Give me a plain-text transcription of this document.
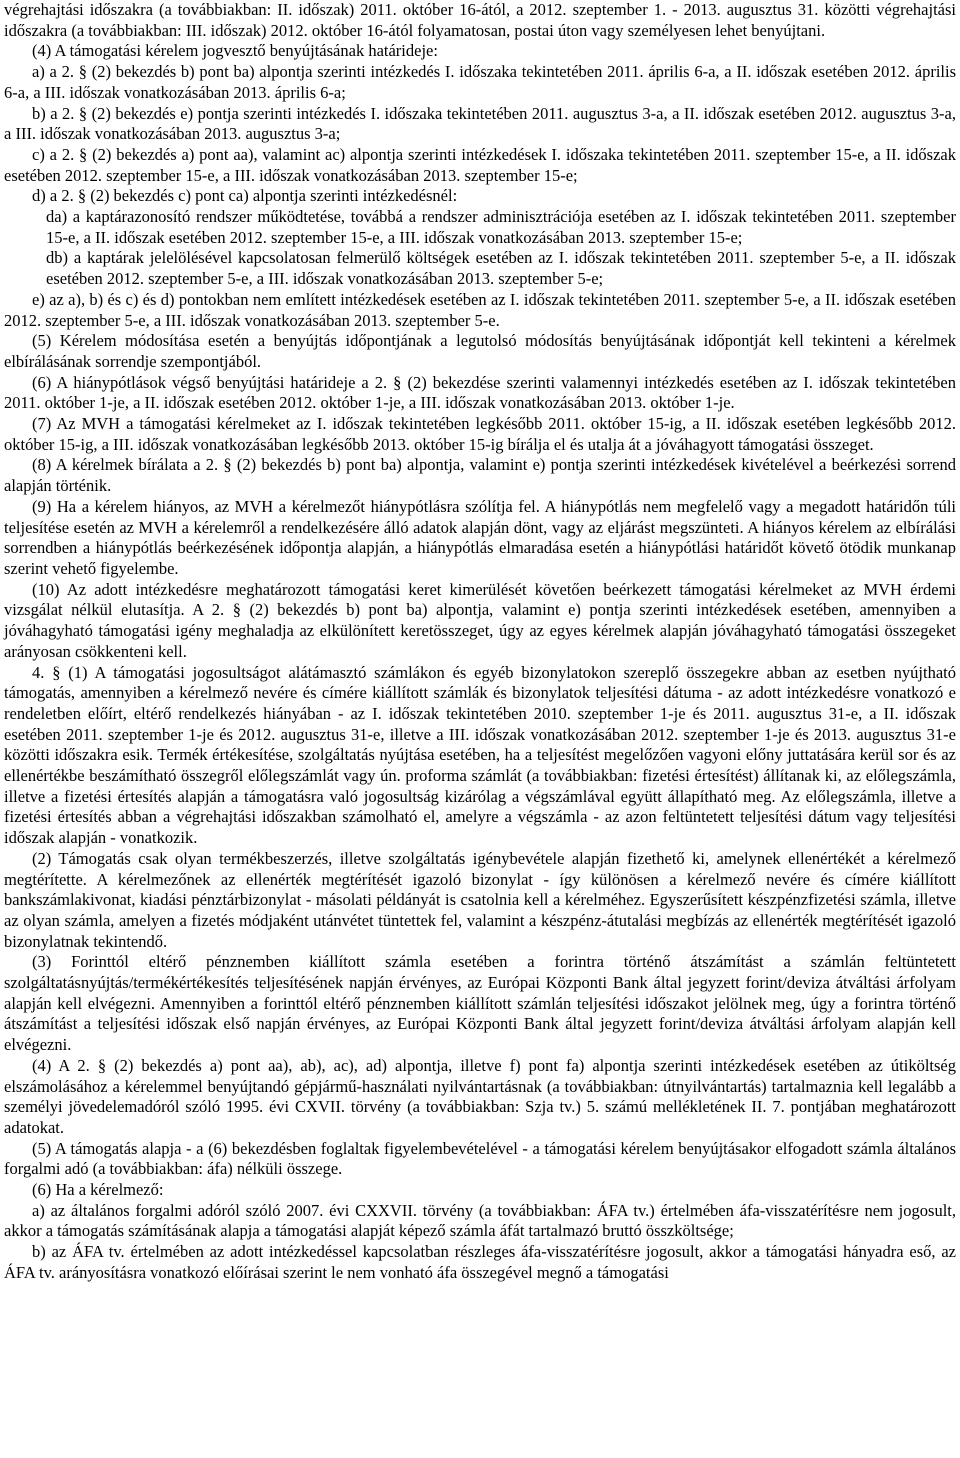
végrehajtási időszakra (a továbbiakban: II. időszak) 2011. október 16-ától, a 2012. szeptember 1. - 2013. augusztus 31. közötti végrehajtási időszakra (a továbbiakban: III. időszak) 2012. október 16-ától folyamatosan, postai úton vagy személyesen lehet benyújtani.

(4) A támogatási kérelem jogvesztő benyújtásának határideje:

a) a 2. § (2) bekezdés b) pont ba) alpontja szerinti intézkedés I. időszaka tekintetében 2011. április 6-a, a II. időszak esetében 2012. április 6-a, a III. időszak vonatkozásában 2013. április 6-a;

b) a 2. § (2) bekezdés e) pontja szerinti intézkedés I. időszaka tekintetében 2011. augusztus 3-a, a II. időszak esetében 2012. augusztus 3-a, a III. időszak vonatkozásában 2013. augusztus 3-a;

c) a 2. § (2) bekezdés a) pont aa), valamint ac) alpontja szerinti intézkedések I. időszaka tekintetében 2011. szeptember 15-e, a II. időszak esetében 2012. szeptember 15-e, a III. időszak vonatkozásában 2013. szeptember 15-e;

d) a 2. § (2) bekezdés c) pont ca) alpontja szerinti intézkedésnél:

da) a kaptárazonosító rendszer működtetése, továbbá a rendszer adminisztrációja esetében az I. időszak tekintetében 2011. szeptember 15-e, a II. időszak esetében 2012. szeptember 15-e, a III. időszak vonatkozásában 2013. szeptember 15-e;

db) a kaptárak jelelölésével kapcsolatosan felmerülő költségek esetében az I. időszak tekintetében 2011. szeptember 5-e, a II. időszak esetében 2012. szeptember 5-e, a III. időszak vonatkozásában 2013. szeptember 5-e;

e) az a), b) és c) és d) pontokban nem említett intézkedések esetében az I. időszak tekintetében 2011. szeptember 5-e, a II. időszak esetében 2012. szeptember 5-e, a III. időszak vonatkozásában 2013. szeptember 5-e.

(5) Kérelem módosítása esetén a benyújtás időpontjának a legutolsó módosítás benyújtásának időpontját kell tekinteni a kérelmek elbírálásának sorrendje szempontjából.

(6) A hiánypótlások végső benyújtási határideje a 2. § (2) bekezdése szerinti valamennyi intézkedés esetében az I. időszak tekintetében 2011. október 1-je, a II. időszak esetében 2012. október 1-je, a III. időszak vonatkozásában 2013. október 1-je.

(7) Az MVH a támogatási kérelmeket az I. időszak tekintetében legkésőbb 2011. október 15-ig, a II. időszak esetében legkésőbb 2012. október 15-ig, a III. időszak vonatkozásában legkésőbb 2013. október 15-ig bírálja el és utalja át a jóváhagyott támogatási összeget.

(8) A kérelmek bírálata a 2. § (2) bekezdés b) pont ba) alpontja, valamint e) pontja szerinti intézkedések kivételével a beérkezési sorrend alapján történik.

(9) Ha a kérelem hiányos, az MVH a kérelmezőt hiánypótlásra szólítja fel. A hiánypótlás nem megfelelő vagy a megadott határidőn túli teljesítése esetén az MVH a kérelemről a rendelkezésére álló adatok alapján dönt, vagy az eljárást megszünteti. A hiányos kérelem az elbírálási sorrendben a hiánypótlás beérkezésének időpontja alapján, a hiánypótlás elmaradása esetén a hiánypótlási határidőt követő ötödik munkanap szerint vehető figyelembe.

(10) Az adott intézkedésre meghatározott támogatási keret kimerülését követően beérkezett támogatási kérelmeket az MVH érdemi vizsgálat nélkül elutasítja. A 2. § (2) bekezdés b) pont ba) alpontja, valamint e) pontja szerinti intézkedések esetében, amennyiben a jóváhagyható támogatási igény meghaladja az elkülönített keretösszeget, úgy az egyes kérelmek alapján jóváhagyható támogatási összegeket arányosan csökkenteni kell.

4. § (1) A támogatási jogosultságot alátámasztó számlákon és egyéb bizonylatokon szereplő összegekre abban az esetben nyújtható támogatás, amennyiben a kérelmező nevére és címére kiállított számlák és bizonylatok teljesítési dátuma - az adott intézkedésre vonatkozó e rendeletben előírt, eltérő rendelkezés hiányában - az I. időszak tekintetében 2010. szeptember 1-je és 2011. augusztus 31-e, a II. időszak esetében 2011. szeptember 1-je és 2012. augusztus 31-e, illetve a III. időszak vonatkozásában 2012. szeptember 1-je és 2013. augusztus 31-e közötti időszakra esik. Termék értékesítése, szolgáltatás nyújtása esetében, ha a teljesítést megelőzően vagyoni előny juttatására kerül sor és az ellenértékbe beszámítható összegről előlegszámlát vagy ún. proforma számlát (a továbbiakban: fizetési értesítést) állítanak ki, az előlegszámla, illetve a fizetési értesítés alapján a támogatásra való jogosultság kizárólag a végszámlával együtt állapítható meg. Az előlegszámla, illetve a fizetési értesítés abban a végrehajtási időszakban számolható el, amelyre a végszámla - az azon feltüntetett teljesítési dátum vagy teljesítési időszak alapján - vonatkozik.

(2) Támogatás csak olyan termékbeszerzés, illetve szolgáltatás igénybevétele alapján fizethető ki, amelynek ellenértékét a kérelmező megtérítette. A kérelmezőnek az ellenérték megtérítését igazoló bizonylat - így különösen a kérelmező nevére és címére kiállított bankszámlakivonat, kiadási pénztárbizonylat - másolati példányát is csatolnia kell a kérelméhez. Egyszerűsített készpénzfizetési számla, illetve az olyan számla, amelyen a fizetés módjaként utánvétet tüntettek fel, valamint a készpénz-átutalási megbízás az ellenérték megtérítését igazoló bizonylatnak tekintendő.

(3) Forinttól eltérő pénznemben kiállított számla esetében a forintra történő átszámítást a számlán feltüntetett szolgáltatásnyújtás/termékértékesítés teljesítésének napján érvényes, az Európai Központi Bank által jegyzett forint/deviza átváltási árfolyam alapján kell elvégezni. Amennyiben a forinttól eltérő pénznemben kiállított számlán teljesítési időszakot jelölnek meg, úgy a forintra történő átszámítást a teljesítési időszak első napján érvényes, az Európai Központi Bank által jegyzett forint/deviza átváltási árfolyam alapján kell elvégezni.

(4) A 2. § (2) bekezdés a) pont aa), ab), ac), ad) alpontja, illetve f) pont fa) alpontja szerinti intézkedések esetében az útiköltség elszámolásához a kérelemmel benyújtandó gépjármű-használati nyilvántartásnak (a továbbiakban: útnyilvántartás) tartalmaznia kell legalább a személyi jövedelemadóról szóló 1995. évi CXVII. törvény (a továbbiakban: Szja tv.) 5. számú mellékletének II. 7. pontjában meghatározott adatokat.

(5) A támogatás alapja - a (6) bekezdésben foglaltak figyelembevételével - a támogatási kérelem benyújtásakor elfogadott számla általános forgalmi adó (a továbbiakban: áfa) nélküli összege.

(6) Ha a kérelmező:

a) az általános forgalmi adóról szóló 2007. évi CXXVII. törvény (a továbbiakban: ÁFA tv.) értelmében áfa-visszatérítésre nem jogosult, akkor a támogatás számításának alapja a támogatási alapját képező számla áfát tartalmazó bruttó összköltsége;

b) az ÁFA tv. értelmében az adott intézkedéssel kapcsolatban részleges áfa-visszatérítésre jogosult, akkor a támogatási hányadra eső, az ÁFA tv. arányosításra vonatkozó előírásai szerint le nem vonható áfa összegével megnő a támogatási
